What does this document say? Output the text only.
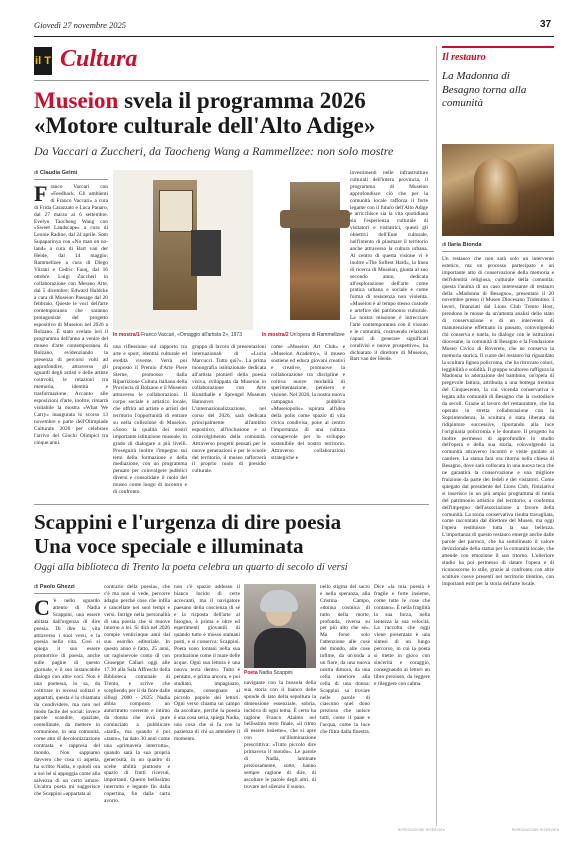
Giovedì 27 novembre 2025	37
il T Cultura	Il restauro
La Madonna di Besagno torna alla comunità
di Ilaria Bionda
Un restauro che non sarà solo un intervento estetico, ma un processo partecipato e un importante atto di conservazione della memoria e dell'identità religiosa, culturale della comunità: questa l'anima di un caso interessante di restauro della «Madonna di Besagno», presentato il 20 novembre presso il Museo Diocesano Tridentino. I lavori, finanziati dal Lions Club Trento Host, prendono le mosse da un'attenta analisi dello stato di conservazione e di un intervento di manutenzione effettuato in passato, coinvolgendo chi conserva e tutela, in dialogo con le istituzioni diocesane, la comunità di Besagno e la Fondazione Museo Civico di Rovereto, che ne conserva la memoria storica. Il cuore del restauro ha riguardato la scultura lignea policroma, che ha ritrovato colori, leggibilità e solidità. Il gruppo scultoreo raffigura la Madonna in adorazione del bambino, un'opera di pregevole fattura, attribuita a una bottega trentina del Cinquecento, la cui vicenda conservativa è legata alla comunità di Besagno che la custodisce da secoli. Grazie al lavoro del restauratore, che ha operato in stretta collaborazione con la Soprintendenza, la scultura è stata liberata da ridipinture successive, riportando alla luce l'originaria policromia e le dorature. Il progetto ha inoltre permesso di approfondire lo studio dell'opera e della sua storia, coinvolgendo la comunità attraverso incontri e visite guidate al cantiere. La statua farà ora ritorno nella chiesa di Besagno, dove sarà collocata in una nuova teca che ne garantirà la conservazione e una migliore fruizione da parte dei fedeli e dei visitatori. Come spiegato dal presidente del Lions Club, l'iniziativa si inserisce in un più ampio programma di tutela del patrimonio artistico del territorio, a conferma dell'impegno dell'associazione a favore della comunità. La storia conservativa risulta travagliata, come raccontato dal direttore del Museo, ma oggi l'opera restituisce tutta la sua bellezza. L'importanza di questo restauro emerge anche dalle parole del parroco, che ha sottolineato il valore devozionale della statua per la comunità locale, che attende con emozione il suo ritorno. L'ulteriore studio ha poi permesso di datare l'opera e di riconoscerne lo stile, grazie al confronto con altre sculture coeve presenti nel territorio trentino, con importanti esiti per la storia dell'arte locale.
Museion svela il programma 2026
«Motore culturale dell'Alto Adige»
Da Vaccari a Zuccheri, da Taocheng Wang a Rammellzee: non solo mostre
di Claudia Gelmi
Franco Vaccari con «Feedback. Gli ambienti di Franco Vaccari» a cura di Frida Carazzato e Luca Panaro, dal 27 marzo al 6 settembre. Evelyn Taocheng Wang con «Sweet Landscape» a cura di Leonie Radine, dal 24 aprile. Som Supaparinya con «No man on no-land» a cura di Bart van der Heide, dal 14 maggio; Rammellzee a cura di Diego Vitrani e Cedric Fauq, dal 16 ottobre. Luigi Zuccheri in collaborazione con Merano Arte, dal 5 dicembre; Edward Haldcke a cura di Museion Passage dal 20 febbraio. Queste le voci dell'arte contemporanea che saranno protagoniste del progetto espositivo di Museion nel 2026 a Bolzano. È stato svelato ieri il programma dell'anno a venire del museo d'arte contemporanea di Bolzano, evidenziando la presenza di percorsi volti ad approfondire, attraverso gli sguardi degli artisti e delle artiste coinvolti, le relazioni tra memoria, identità e trasformazione. Accanto alle esposizioni d'arte, inoltre, rimarrà visitabile la mostra «What We Carry» inaugurata lo scorso 13 novembre e parte dell'Olimpiade Culturale 2026 per celebrare l'arrivo dei Giochi Olimpici tra cinque anni.
In mostra/1 Franco Vaccari, «Omaggio all'artista 2», 1973	In mostra/2 Un'opera di Rammellzee
una riflessione sul rapporto tra arte e sport, identità culturale ed eredità vivente. Verrà poi proposto il Premio d'Arte Piere Sterne, promosso dalla Ripartizione Cultura italiana della Provincia di Bolzano e il Museion attraverso le collaborazioni. Il corpo sociale e artistico locale, che offrirà ad artiste e artisti del territorio l'opportunità di entrare su nella collezione di Museion. «Sono la qualità dei nostri importante istituzione museale, in grado di dialogare a più livelli. Proseguirà inoltre l'impegno sui temi della formazione e della mediazione, con un programma pensato per coinvolgere pubblici diversi e consolidare il ruolo del museo come luogo di incontro e di confronto.
gruppo di lavoro di presentazioni internazionali di «Lucia Marcucci. Tutto qui?». La prima monografia istituzionale dedicata all'artista pionieri della poesia visiva, sviluppata da Museion in collaborazione con Arte Kunsthalle e Sprengel Museum Hannover. L'internazionalizzazione, nel corso del 2026, sarà dedicata principalmente all'ambito espositivo, all'inclusione e al coinvolgimento della comunità. Attraverso progetti pensati per le nuove generazioni e per le scuole del territorio, il museo rafforzerà il proprio ruolo di presidio culturale.
come «Museion Art Club» e «Museion Academy», il museo sostiene ed educa giovani creativi e creative, promuove la collaborazione tra discipline e coltiva nuove modalità di sperimentazione, pensiero e visione. Nel 2026, la nostra nuova campagna pubblica «Museiopolis» ispirata all'idea della polis come spazio di vita civica condivisa, pone al centro l'importanza di una cultura consapevole per lo sviluppo sostenibile del nostro territorio. Attraverso collaborazioni strategiche e
investimenti nelle infrastrutture culturali dell'intera provincia, il programma di Museion approfondisce ciò che per la comunità locale rafforza il forte legame con il futuro dell'Alto Adige e arricchisce sia la vita quotidiana sia l'esperienza culturale di visitatori e visitatrici, questi gli obiettivi dell'Ente culturale, nell'intento di plasmare il territorio anche attraverso la cultura urbana. Al centro di questa visione vi è inoltre «The Softest Hard», la linea di ricerca di Museion, giunta al suo secondo anno, dedicata all'esplorazione dell'arte come pratica urbana e sociale e come forma di resistenza non violenta. «Museion è al tempo stesso custode e artefice del patrimonio culturale. La nostra missione è intrecciare l'arte contemporanea con il vissuto e le comunità, costruendo relazioni capaci di generare significati condivisi e nuove prospettive», ha dichiarato il direttore di Museion, Bart van der Heide.
Scappini e l'urgenza di dire poesia
Una voce speciale e illuminata
Oggi alla biblioteca di Trento la poeta celebra un quarto di secolo di versi
di Paolo Ghezzi
C 'è nello sguardo attento di Nadia Scappini, una essere abitata dall'urgenza di dire poesia. Di dire la vita attraverso i suoi versi, e la poesia nella vita. Così si spiega il suo essere promotrice di poesia, anche sulle pagine di questo giornale, e il suo instancabile dialogo con altre voci. Non è una poetessa, lo sa, da coltivare in recessi solitari e appartati, questa è la chiamata da condividere, ma non nel modo facile dei social: invece parole scandite, spaziate, centellinate, da mettere in comunione, in una comunità, come atto di decolonizzazione contrasta e rappresa del mondo. Non sappiamo davvero che cosa ci aspetta, ha scritto Nadia, e quindi ora a noi lei si appoggia come alla salvezza di un certo amore. Un'altra poeta mi suggerisce che Scappini «appartata al
contrario della poesia», che c'è ma non si vede, percorre adagio perché cose che infila e cancellate nei suoi tempi e versi. Intrige nella personalità di una poesia che si muove intorno a lei. Si dirà nel 2026 compie venticinque anni dal suo esordio editoriale. In questo anno è fatto, 25 anni, un ragionevole conto di con Giuseppe Caliari oggi alle 17.30 alla Sala Affreschi della Biblioteca comunale di Trento, e scrive che scegliendo per il da fiore dalle sillogi 2000 - 2025: Nadia abbia composto un autoritratto coerente e intimo da donna che avrà pure cominciato a pubblicare «tardi», ma quando è poi «tanto», ha dato 30 anni come una «primavera interrotta», quando sarà la sua propria generosità, in un quadro di scelte abilità piuttosto e spazio di frutti ricevuti, importanti. Questo bellissimo interrotto e legante fin dalla copertina, fin dalla carta avorio.
non c'è spazio addosso il bianco lucido di certe accecanti, ma il navigatore paesano della coscienza di sé e la risposta dell'arte al bisogno, è prima e oltre ed esperimenti giovanili di quando tutto è mosso stamani posti, e si conserva: Scappini. Poeta sono lontani nella sua produzione come il mare delle acque. Ogni sua lettura è una nuova terra dentro. Tutto è pensato, e prima ancora, e poi studiato, impaginato, stampato, consegnato al piccolo popolo dei lettori. Ogni verso chiama un campo da ascoltare, perché la poesia è una cosa seria, spiega Nadia, una cosa che si fa con la pazienza di chi sa attendere il momento.
Poeta Nadia Scappini
navigante con la bussola della sua storia con il bianco delle sponde di lato della sepoltura la dimensione essenziale, sobria, incisiva di ogni tema. È certo ha ragione Franco Alaimo nel bellissimo testo finale, «il ritmo di essere insieme», che si apre con un'illuminazione prescrittiva: «Tutto piccolo dire primavera il mondo». Le parole di Nadia, laminate preziosamente, sotto, hanno sempre ragione di dire, di ascoltare le parole degli altri, di trovare nel silenzio il suono.
nello stigma del sacro e nella speranza, alla Cristina Campo, «donna cosmica di tutto della morte, profonda, riversa su per più alto che sé». Ma forse solo l'attenzione alle cose del mondo, alle cose infime, da un'onda a un fiore, da una nuova nostra dimora, da una cella interiore alla cella di una donna: Scappini sa trovare nelle parole di ciascuno quel dono prezioso che unisce tutti, come il pane e l'acqua, come la luce che filtra dalla finestra.
Dice «la mia poesia è fragile e forte insieme, come tutte le cose che contano». È nella fragilità la sua forza, nella lentezza la sua velocità. La raccolta che oggi viene presentata è una sintesi di un lungo percorso, in cui la poeta si mette in gioco con sincerità e coraggio, consegnando ai lettori un libro prezioso, da leggere e rileggere con calma.
RIPRODUZIONE RISERVATA	RIPRODUZIONE RISERVATA
